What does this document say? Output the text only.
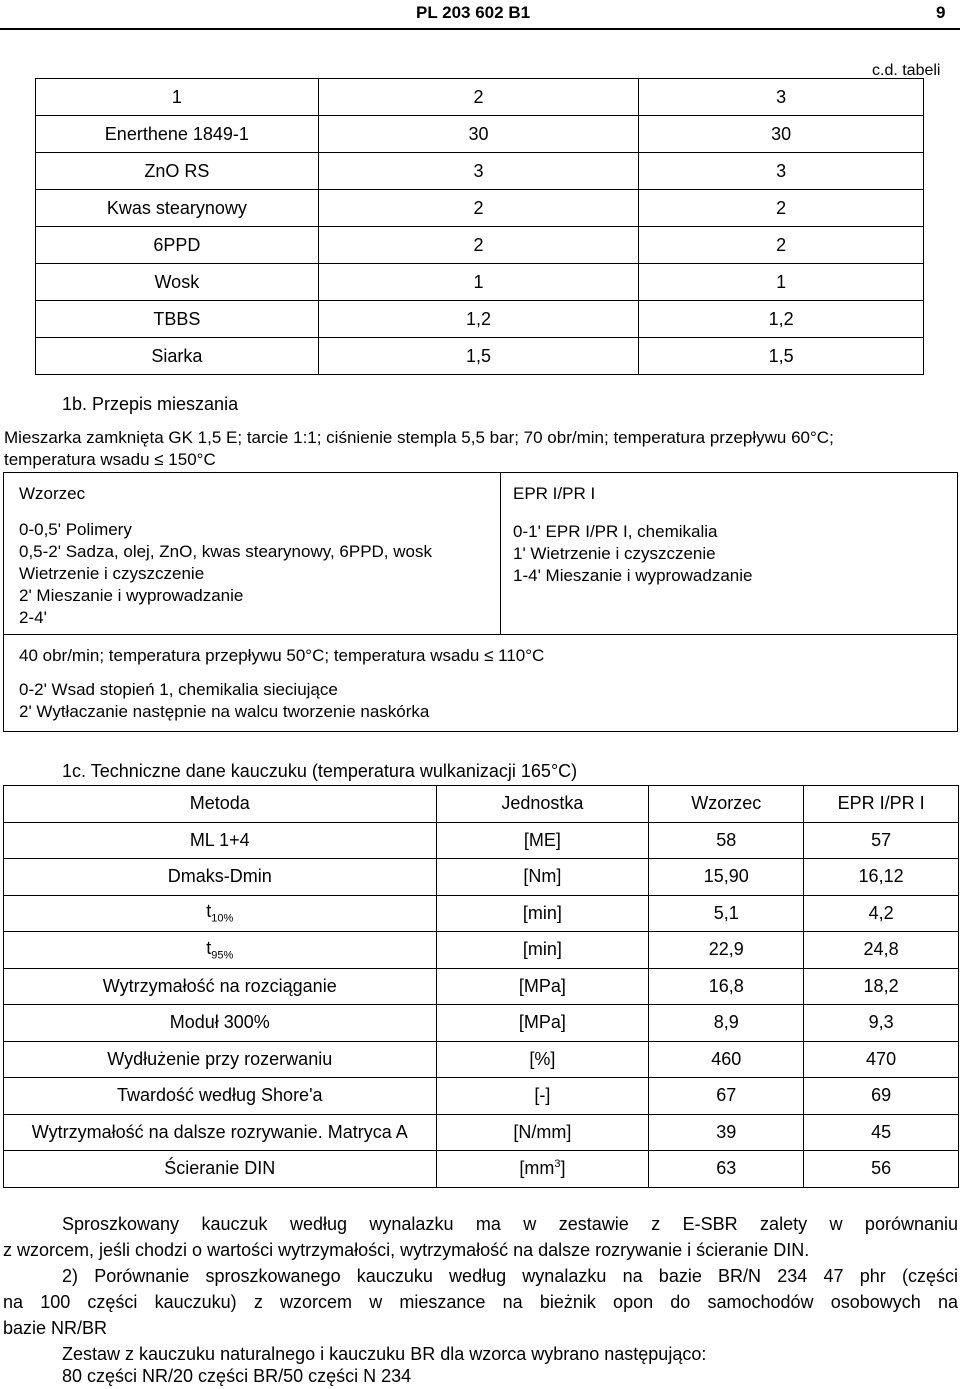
PL 203 602 B1	9
c.d. tabeli
1	2	3
Enerthene 1849-1	30	30
ZnO RS	3	3
Kwas stearynowy	2	2
6PPD	2	2
Wosk	1	1
TBBS	1,2	1,2
Siarka	1,5	1,5
1b. Przepis mieszania
Mieszarka zamknięta GK 1,5 E; tarcie 1:1; ciśnienie stempla 5,5 bar; 70 obr/min; temperatura przepływu 60°C;
temperatura wsadu ≤ 150°C
Wzorzec
0-0,5' Polimery
0,5-2' Sadza, olej, ZnO, kwas stearynowy, 6PPD, wosk
Wietrzenie i czyszczenie
2' Mieszanie i wyprowadzanie
2-4'
EPR I/PR I
0-1' EPR I/PR I, chemikalia
1' Wietrzenie i czyszczenie
1-4' Mieszanie i wyprowadzanie
40 obr/min; temperatura przepływu 50°C; temperatura wsadu ≤ 110°C
0-2' Wsad stopień 1, chemikalia sieciujące
2' Wytłaczanie następnie na walcu tworzenie naskórka
1c. Techniczne dane kauczuku (temperatura wulkanizacji 165°C)
Metoda	Jednostka	Wzorzec	EPR I/PR I
ML 1+4	[ME]	58	57
Dmaks-Dmin	[Nm]	15,90	16,12
$t_{10\%}$	[min]	5,1	4,2
$t_{95\%}$	[min]	22,9	24,8
Wytrzymałość na rozciąganie	[MPa]	16,8	18,2
Moduł 300%	[MPa]	8,9	9,3
Wydłużenie przy rozerwaniu	[%]	460	470
Twardość według Shore'a	[-]	67	69
Wytrzymałość na dalsze rozrywanie. Matryca A	[N/mm]	39	45
Ścieranie DIN	$[mm^3]$	63	56
Sproszkowany kauczuk według wynalazku ma w zestawie z E-SBR zalety w porównaniu
z wzorcem, jeśli chodzi o wartości wytrzymałości, wytrzymałość na dalsze rozrywanie i ścieranie DIN.
2) Porównanie sproszkowanego kauczuku według wynalazku na bazie BR/N 234 47 phr (części
na 100 części kauczuku) z wzorcem w mieszance na bieżnik opon do samochodów osobowych na
bazie NR/BR
Zestaw z kauczuku naturalnego i kauczuku BR dla wzorca wybrano następująco:
80 części NR/20 części BR/50 części N 234
